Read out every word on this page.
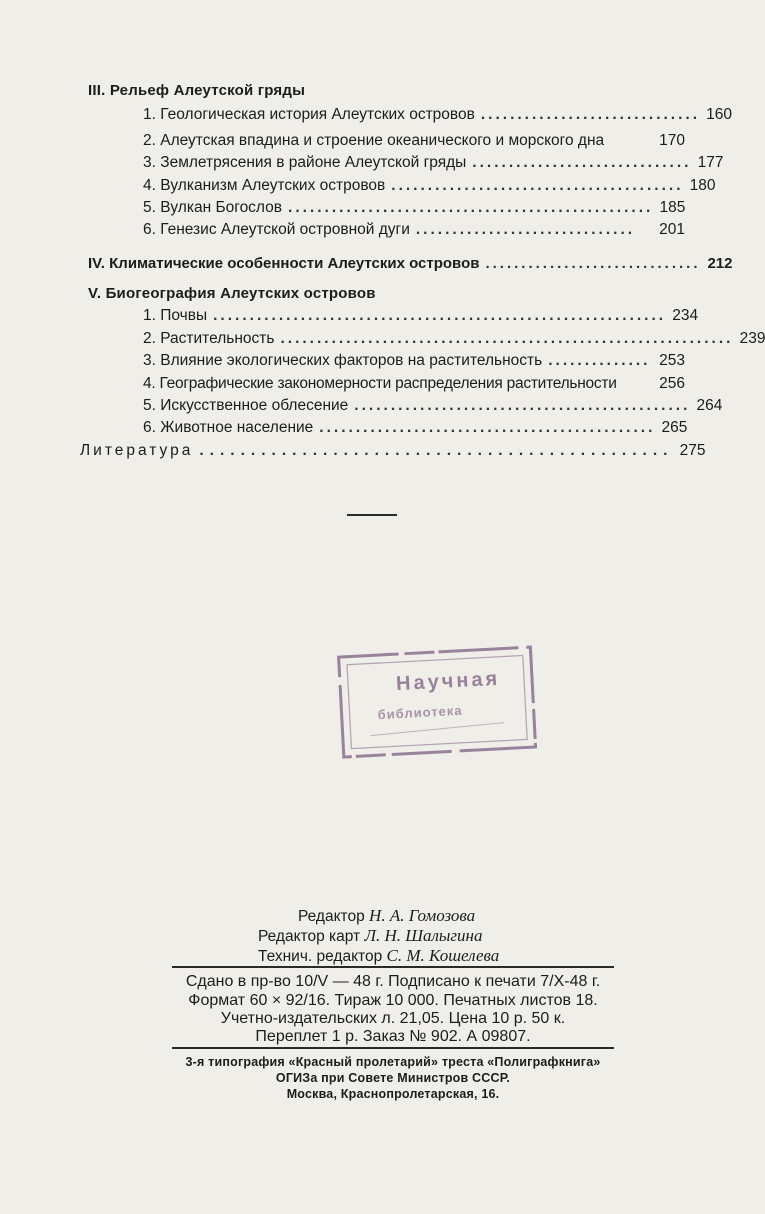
III. Рельеф Алеутской гряды
1. Геологическая история Алеутских островов .............................. 160
2. Алеутская впадина и строение океанического и морского дна	170
3. Землетрясения в районе Алеутской гряды .............................. 177
4. Вулканизм Алеутских островов ........................................ 180
5. Вулкан Богослов .................................................. 185
6. Генезис Алеутской островной дуги ..............................	201
IV. Климатические особенности Алеутских островов .............................. 212
V. Биогеография Алеутских островов
1. Почвы .............................................................. 234
2. Растительность .............................................................. 239
3. Влияние экологических факторов на растительность .............. 253
4. Географические закономерности распределения растительности	256
5. Искусственное облесение .............................................. 264
6. Животное население .............................................. 265
Литература .............................................. 275
Научная
библиотека
Редактор Н. А. Гомозова
Редактор карт Л. Н. Шалыгина
Технич. редактор С. М. Кошелева
Сдано в пр-во 10/V — 48 г. Подписано к печати 7/X-48 г.
Формат 60 × 92/16. Тираж 10 000. Печатных листов 18.
Учетно-издательских л. 21,05. Цена 10 р. 50 к.
Переплет 1 р. Заказ № 902. А 09807.
3-я типография «Красный пролетарий» треста «Полиграфкнига»
ОГИЗа при Совете Министров СССР.
Москва, Краснопролетарская, 16.
